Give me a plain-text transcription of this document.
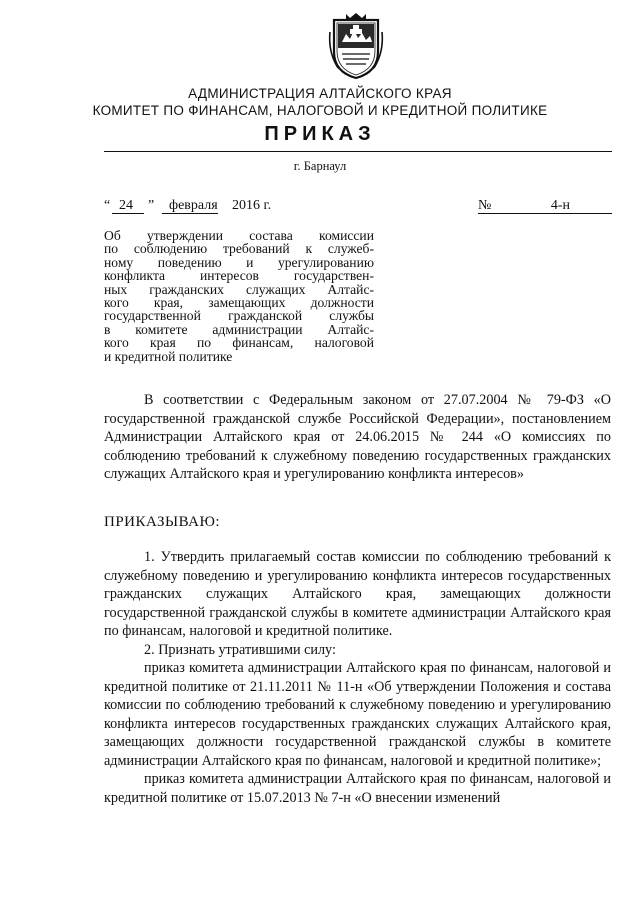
АДМИНИСТРАЦИЯ АЛТАЙСКОГО КРАЯ
КОМИТЕТ ПО ФИНАНСАМ, НАЛОГОВОЙ И КРЕДИТНОЙ ПОЛИТИКЕ
ПРИКАЗ
г. Барнаул
“ 24	”	февраля 2016 г.	№	4-н
Об утверждении состава комиссии
по соблюдению требований к служеб-
ному поведению и урегулированию
конфликта интересов государствен-
ных гражданских служащих Алтайс-
кого края, замещающих должности
государственной гражданской службы
в комитете администрации Алтайс-
кого края по финансам, налоговой
и кредитной политике

В соответствии с Федеральным законом от 27.07.2004 № 79-ФЗ «О государственной гражданской службе Российской Федерации», постановлением Администрации Алтайского края от 24.06.2015 № 244 «О комиссиях по соблюдению требований к служебному поведению государственных гражданских служащих Алтайского края и урегулированию конфликта интересов»

ПРИКАЗЫВАЮ:

1. Утвердить прилагаемый состав комиссии по соблюдению требований к служебному поведению и урегулированию конфликта интересов государственных гражданских служащих Алтайского края, замещающих должности государственной гражданской службы в комитете администрации Алтайского края по финансам, налоговой и кредитной политике.

2. Признать утратившими силу:

приказ комитета администрации Алтайского края по финансам, налоговой и кредитной политике от 21.11.2011 № 11-н «Об утверждении Положения и состава комиссии по соблюдению требований к служебному поведению и урегулированию конфликта интересов государственных гражданских служащих Алтайского края, замещающих должности государственной гражданской службы в комитете администрации Алтайского края по финансам, налоговой и кредитной политике»;

приказ комитета администрации Алтайского края по финансам, налоговой и кредитной политике от 15.07.2013 № 7-н «О внесении изменений
